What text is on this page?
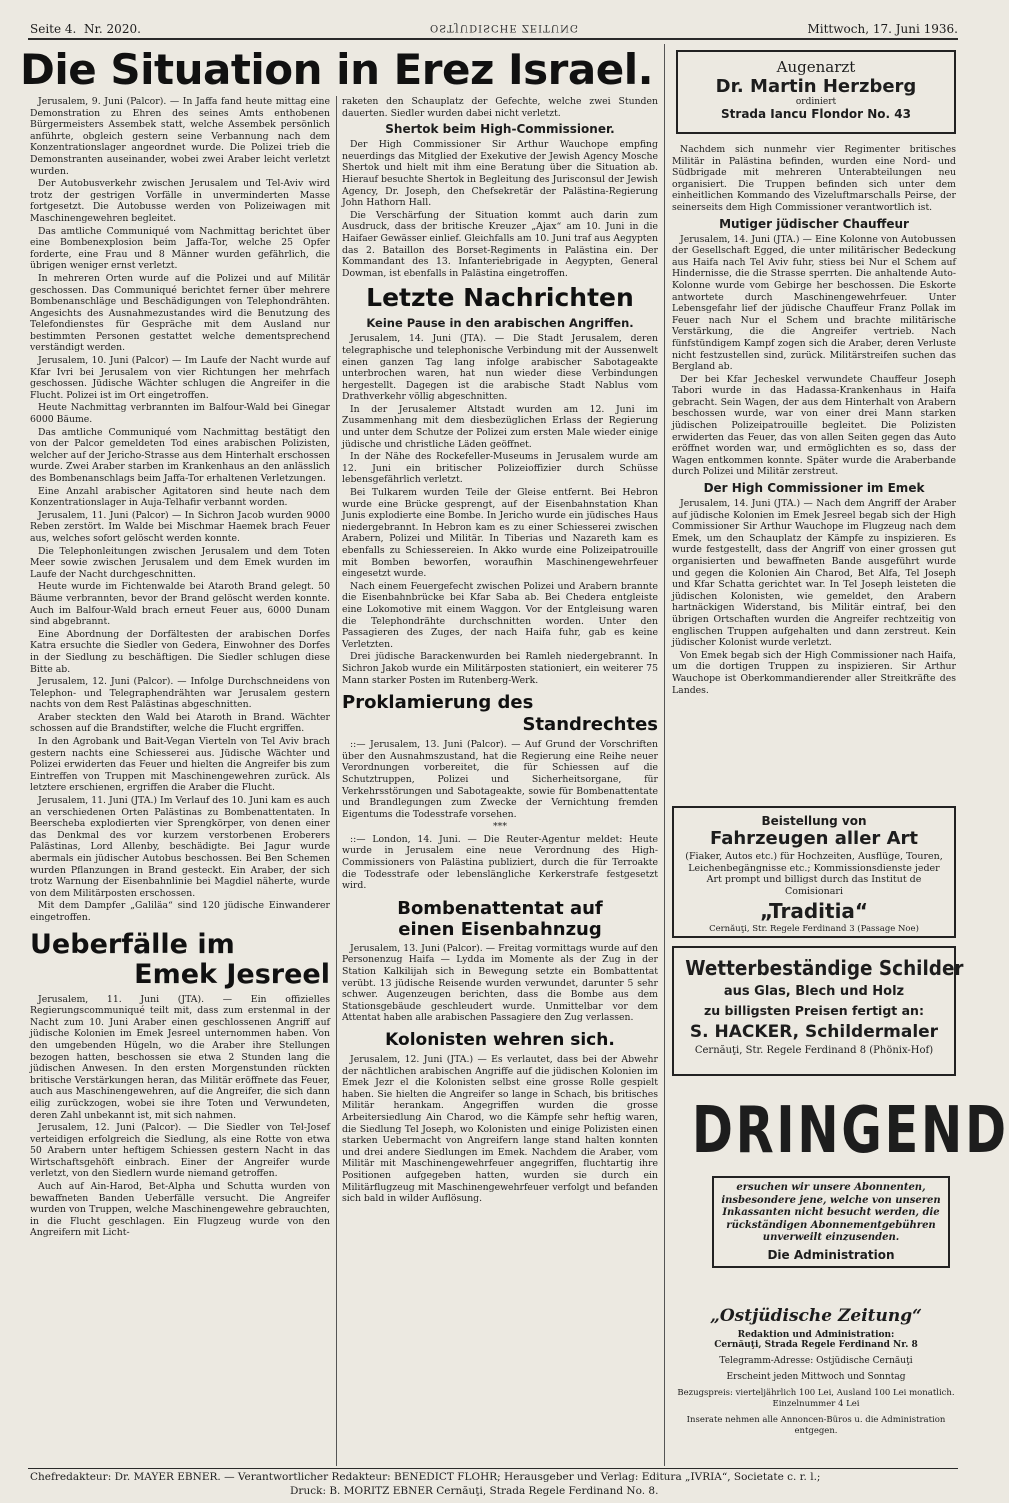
Seite 4. Nr. 2020.	OSTJUDISCHE ZEITUNG	Mittwoch, 17. Juni 1936.
Die Situation in Erez Israel.

Jerusalem, 9. Juni (Palcor). — In Jaffa fand heute mittag eine Demonstration zu Ehren des seines Amts enthobenen Bürgermeisters Assembek statt, welche Assembek persönlich anführte, obgleich gestern seine Verbannung nach dem Konzentrationslager angeordnet wurde. Die Polizei trieb die Demonstranten auseinander, wobei zwei Araber leicht verletzt wurden.

Der Autobusverkehr zwischen Jerusalem und Tel-Aviv wird trotz der gestrigen Vorfälle in unverminderten Masse fortgesetzt. Die Autobusse werden von Polizeiwagen mit Maschinengewehren begleitet.

Das amtliche Communiqué vom Nachmittag berichtet über eine Bombenexplosion beim Jaffa-Tor, welche 25 Opfer forderte, eine Frau und 8 Männer wurden gefährlich, die übrigen weniger ernst verletzt.

In mehreren Orten wurde auf die Polizei und auf Militär geschossen. Das Communiqué berichtet ferner über mehrere Bombenanschläge und Beschädigungen von Telephondrähten. Angesichts des Ausnahmezustandes wird die Benutzung des Telefondienstes für Gespräche mit dem Ausland nur bestimmten Personen gestattet welche dementsprechend verständigt werden.

Jerusalem, 10. Juni (Palcor) — Im Laufe der Nacht wurde auf Kfar Ivri bei Jerusalem von vier Richtungen her mehrfach geschossen. Jüdische Wächter schlugen die Angreifer in die Flucht. Polizei ist im Ort eingetroffen.

Heute Nachmittag verbrannten im Balfour-Wald bei Ginegar 6000 Bäume.

Das amtliche Communiqué vom Nachmittag bestätigt den von der Palcor gemeldeten Tod eines arabischen Polizisten, welcher auf der Jericho-Strasse aus dem Hinterhalt erschossen wurde. Zwei Araber starben im Krankenhaus an den anlässlich des Bombenanschlags beim Jaffa-Tor erhaltenen Verletzungen.

Eine Anzahl arabischer Agitatoren sind heute nach dem Konzentrationslager in Auja-Telhafir verbannt worden.

Jerusalem, 11. Juni (Palcor) — In Sichron Jacob wurden 9000 Reben zerstört. Im Walde bei Mischmar Haemek brach Feuer aus, welches sofort gelöscht werden konnte.

Die Telephonleitungen zwischen Jerusalem und dem Toten Meer sowie zwischen Jerusalem und dem Emek wurden im Laufe der Nacht durchgeschnitten.

Heute wurde im Fichtenwalde bei Ataroth Brand gelegt. 50 Bäume verbrannten, bevor der Brand gelöscht werden konnte. Auch im Balfour-Wald brach erneut Feuer aus, 6000 Dunam sind abgebrannt.

Eine Abordnung der Dorfältesten der arabischen Dorfes Katra ersuchte die Siedler von Gedera, Einwohner des Dorfes in der Siedlung zu beschäftigen. Die Siedler schlugen diese Bitte ab.

Jerusalem, 12. Juni (Palcor). — Infolge Durchschneidens von Telephon- und Telegraphendrähten war Jerusalem gestern nachts von dem Rest Palästinas abgeschnitten.

Araber steckten den Wald bei Ataroth in Brand. Wächter schossen auf die Brandstifter, welche die Flucht ergriffen.

In den Agrobank und Bait-Vegan Vierteln von Tel Aviv brach gestern nachts eine Schiesserei aus. Jüdische Wächter und Polizei erwiderten das Feuer und hielten die Angreifer bis zum Eintreffen von Truppen mit Maschinengewehren zurück. Als letztere erschienen, ergriffen die Araber die Flucht.

Jerusalem, 11. Juni (JTA.) Im Verlauf des 10. Juni kam es auch an verschiedenen Orten Palästinas zu Bombenattentaten. In Beerscheba explodierten vier Sprengkörper, von denen einer das Denkmal des vor kurzem verstorbenen Eroberers Palästinas, Lord Allenby, beschädigte. Bei Jagur wurde abermals ein jüdischer Autobus beschossen. Bei Ben Schemen wurden Pflanzungen in Brand gesteckt. Ein Araber, der sich trotz Warnung der Eisenbahnlinie bei Magdiel näherte, wurde von dem Militärposten erschossen.

Mit dem Dampfer „Galiläa“ sind 120 jüdische Einwanderer eingetroffen.

Ueberfälle im
Emek Jesreel

Jerusalem, 11. Juni (JTA). — Ein offizielles Regierungscommuniqué teilt mit, dass zum erstenmal in der Nacht zum 10. Juni Araber einen geschlossenen Angriff auf jüdische Kolonien im Emek Jesreel unternommen haben. Von den umgebenden Hügeln, wo die Araber ihre Stellungen bezogen hatten, beschossen sie etwa 2 Stunden lang die jüdischen Anwesen. In den ersten Morgenstunden rückten britische Verstärkungen heran, das Militär eröffnete das Feuer, auch aus Maschinengewehren, auf die Angreifer, die sich dann eilig zurückzogen, wobei sie ihre Toten und Verwundeten, deren Zahl unbekannt ist, mit sich nahmen.

Jerusalem, 12. Juni (Palcor). — Die Siedler von Tel-Josef verteidigen erfolgreich die Siedlung, als eine Rotte von etwa 50 Arabern unter heftigem Schiessen gestern Nacht in das Wirtschaftsgehöft einbrach. Einer der Angreifer wurde verletzt, von den Siedlern wurde niemand getroffen.

Auch auf Ain-Harod, Bet-Alpha und Schutta wurden von bewaffneten Banden Ueberfälle versucht. Die Angreifer wurden von Truppen, welche Maschinengewehre gebrauchten, in die Flucht geschlagen. Ein Flugzeug wurde von den Angreifern mit Licht-

raketen den Schauplatz der Gefechte, welche zwei Stunden dauerten. Siedler wurden dabei nicht verletzt.

Shertok beim High-Commissioner.

Der High Commissioner Sir Arthur Wauchope empfing neuerdings das Mitglied der Exekutive der Jewish Agency Mosche Shertok und hielt mit ihm eine Beratung über die Situation ab. Hierauf besuchte Shertok in Begleitung des Jurisconsul der Jewish Agency, Dr. Joseph, den Chefsekretär der Palästina-Regierung John Hathorn Hall.

Die Verschärfung der Situation kommt auch darin zum Ausdruck, dass der britische Kreuzer „Ajax“ am 10. Juni in die Haifaer Gewässer einlief. Gleichfalls am 10. Juni traf aus Aegypten das 2. Bataillon des Borset-Regiments in Palästina ein. Der Kommandant des 13. Infanteriebrigade in Aegypten, General Dowman, ist ebenfalls in Palästina eingetroffen.

Letzte Nachrichten
Keine Pause in den arabischen Angriffen.

Jerusalem, 14. Juni (JTA). — Die Stadt Jerusalem, deren telegraphische und telephonische Verbindung mit der Aussenwelt einen ganzen Tag lang infolge arabischer Sabotageakte unterbrochen waren, hat nun wieder diese Verbindungen hergestellt. Dagegen ist die arabische Stadt Nablus vom Drathverkehr völlig abgeschnitten.

In der Jerusalemer Altstadt wurden am 12. Juni im Zusammenhang mit dem diesbezüglichen Erlass der Regierung und unter dem Schutze der Polizei zum ersten Male wieder einige jüdische und christliche Läden geöffnet.

In der Nähe des Rockefeller-Museums in Jerusalem wurde am 12. Juni ein britischer Polizeioffizier durch Schüsse lebensgefährlich verletzt.

Bei Tulkarem wurden Teile der Gleise entfernt. Bei Hebron wurde eine Brücke gesprengt, auf der Eisenbahnstation Khan Junis explodierte eine Bombe. In Jericho wurde ein jüdisches Haus niedergebrannt. In Hebron kam es zu einer Schiesserei zwischen Arabern, Polizei und Militär. In Tiberias und Nazareth kam es ebenfalls zu Schiessereien. In Akko wurde eine Polizeipatrouille mit Bomben beworfen, woraufhin Maschinengewehrfeuer eingesetzt wurde.

Nach einem Feuergefecht zwischen Polizei und Arabern brannte die Eisenbahnbrücke bei Kfar Saba ab. Bei Chedera entgleiste eine Lokomotive mit einem Waggon. Vor der Entgleisung waren die Telephondrähte durchschnitten worden. Unter den Passagieren des Zuges, der nach Haifa fuhr, gab es keine Verletzten.

Drei jüdische Barackenwurden bei Ramleh niedergebrannt. In Sichron Jakob wurde ein Militärposten stationiert, ein weiterer 75 Mann starker Posten im Rutenberg-Werk.

Proklamierung des
Standrechtes

::— Jerusalem, 13. Juni (Palcor). — Auf Grund der Vorschriften über den Ausnahmszustand, hat die Regierung eine Reihe neuer Verordnungen vorbereitet, die für Schiessen auf die Schutztruppen, Polizei und Sicherheitsorgane, für Verkehrsstörungen und Sabotageakte, sowie für Bombenattentate und Brandlegungen zum Zwecke der Vernichtung fremden Eigentums die Todesstrafe vorsehen.

***

::— London, 14. Juni. — Die Reuter-Agentur meldet: Heute wurde in Jerusalem eine neue Verordnung des High-Commissioners von Palästina publiziert, durch die für Terroakte die Todesstrafe oder lebenslängliche Kerkerstrafe festgesetzt wird.

Bombenattentat auf
einen Eisenbahnzug

Jerusalem, 13. Juni (Palcor). — Freitag vormittags wurde auf den Personenzug Haifa — Lydda im Momente als der Zug in der Station Kalkilijah sich in Bewegung setzte ein Bombattentat verübt. 13 jüdische Reisende wurden verwundet, darunter 5 sehr schwer. Augenzeugen berichten, dass die Bombe aus dem Stationsgebäude geschleudert wurde. Unmittelbar vor dem Attentat haben alle arabischen Passagiere den Zug verlassen.

Kolonisten wehren sich.

Jerusalem, 12. Juni (JTA.) — Es verlautet, dass bei der Abwehr der nächtlichen arabischen Angriffe auf die jüdischen Kolonien im Emek Jezr el die Kolonisten selbst eine grosse Rolle gespielt haben. Sie hielten die Angreifer so lange in Schach, bis britisches Militär herankam. Angegriffen wurden die grosse Arbeitersiedlung Ain Charod, wo die Kämpfe sehr heftig waren, die Siedlung Tel Joseph, wo Kolonisten und einige Polizisten einen starken Uebermacht von Angreifern lange stand halten konnten und drei andere Siedlungen im Emek. Nachdem die Araber, vom Militär mit Maschinengewehrfeuer angegriffen, fluchtartig ihre Positionen aufgegeben hatten, wurden sie durch ein Militärflugzeug mit Maschinengewehrfeuer verfolgt und befanden sich bald in wilder Auflösung.

Augenarzt
Dr. Martin Herzberg
ordiniert
Strada Iancu Flondor No. 43

Nachdem sich nunmehr vier Regimenter britisches Militär in Palästina befinden, wurden eine Nord- und Südbrigade mit mehreren Unterabteilungen neu organisiert. Die Truppen befinden sich unter dem einheitlichen Kommando des Vizeluftmarschalls Peirse, der seinerseits dem High Commissioner verantwortlich ist.

Mutiger jüdischer Chauffeur

Jerusalem, 14. Juni (JTA.) — Eine Kolonne von Autobussen der Gesellschaft Egged, die unter militärischer Bedeckung aus Haifa nach Tel Aviv fuhr, stiess bei Nur el Schem auf Hindernisse, die die Strasse sperrten. Die anhaltende Auto-Kolonne wurde vom Gebirge her beschossen. Die Eskorte antwortete durch Maschinengewehrfeuer. Unter Lebensgefahr lief der jüdische Chauffeur Franz Pollak im Feuer nach Nur el Schem und brachte militärische Verstärkung, die die Angreifer vertrieb. Nach fünfstündigem Kampf zogen sich die Araber, deren Verluste nicht festzustellen sind, zurück. Militärstreifen suchen das Bergland ab.

Der bei Kfar Jecheskel verwundete Chauffeur Joseph Tabori wurde in das Hadassa-Krankenhaus in Haifa gebracht. Sein Wagen, der aus dem Hinterhalt von Arabern beschossen wurde, war von einer drei Mann starken jüdischen Polizeipatrouille begleitet. Die Polizisten erwiderten das Feuer, das von allen Seiten gegen das Auto eröffnet worden war, und ermöglichten es so, dass der Wagen entkommen konnte. Später wurde die Araberbande durch Polizei und Militär zerstreut.

Der High Commissioner im Emek

Jerusalem, 14. Juni (JTA.) — Nach dem Angriff der Araber auf jüdische Kolonien im Emek Jesreel begab sich der High Commissioner Sir Arthur Wauchope im Flugzeug nach dem Emek, um den Schauplatz der Kämpfe zu inspizieren. Es wurde festgestellt, dass der Angriff von einer grossen gut organisierten und bewaffneten Bande ausgeführt wurde und gegen die Kolonien Ain Charod, Bet Alfa, Tel Joseph und Kfar Schatta gerichtet war. In Tel Joseph leisteten die jüdischen Kolonisten, wie gemeldet, den Arabern hartnäckigen Widerstand, bis Militär eintraf, bei den übrigen Ortschaften wurden die Angreifer rechtzeitig von englischen Truppen aufgehalten und dann zerstreut. Kein jüdischer Kolonist wurde verletzt.

Von Emek begab sich der High Commissioner nach Haifa, um die dortigen Truppen zu inspizieren. Sir Arthur Wauchope ist Oberkommandierender aller Streitkräfte des Landes.

Beistellung von
Fahrzeugen aller Art
(Fiaker, Autos etc.) für Hochzeiten, Ausflüge, Touren, Leichenbegängnisse etc.; Kommissionsdienste jeder Art prompt und billigst durch das Institut de Comisionari
„Traditia“
Cernăuţi, Str. Regele Ferdinand 3 (Passage Noe)
Wetterbeständige Schilder
aus Glas, Blech und Holz
zu billigsten Preisen fertigt an:
S. HACKER, Schildermaler
Cernăuţi, Str. Regele Ferdinand 8 (Phönix-Hof)
DRINGEND
ersuchen wir unsere Abonnenten, insbesondere jene, welche von unseren Inkassanten nicht besucht werden, die rückständigen Abonnementgebühren unverweilt einzusenden.
Die Administration
„Ostjüdische Zeitung“
Redaktion und Administration:
Cernăuţi, Strada Regele Ferdinand Nr. 8
Telegramm-Adresse: Ostjüdische Cernăuţi
Erscheint jeden Mittwoch und Sonntag
Bezugspreis: vierteljährlich 100 Lei, Ausland 100 Lei monatlich. Einzelnummer 4 Lei
Inserate nehmen alle Annoncen-Büros u. die Administration entgegen.
Chefredakteur: Dr. MAYER EBNER. — Verantwortlicher Redakteur: BENEDICT FLOHR; Herausgeber und Verlag: Editura „IVRIA“, Societate c. r. l.;
Druck: B. MORITZ EBNER Cernăuţi, Strada Regele Ferdinand No. 8.
